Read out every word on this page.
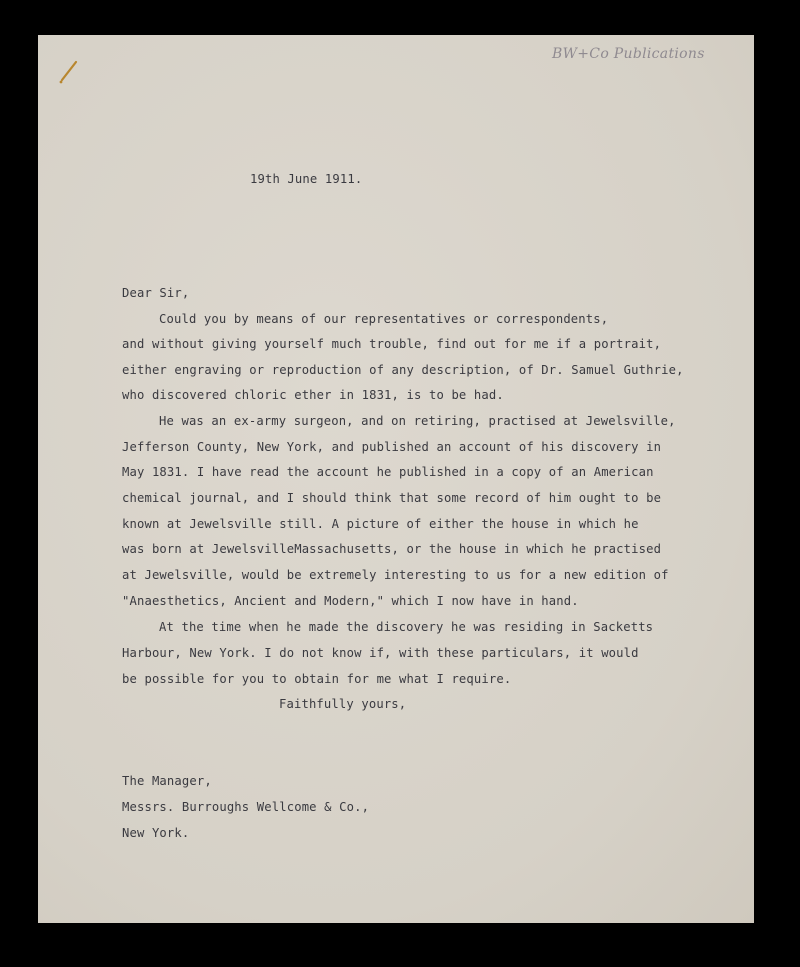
BW+Co Publications
19th June 1911.
Dear Sir,
Could you by means of our representatives or correspondents,
and without giving yourself much trouble, find out for me if a portrait,
either engraving or reproduction of any description, of Dr. Samuel Guthrie,
who discovered chloric ether in 1831, is to be had.
He was an ex-army surgeon, and on retiring, practised at Jewelsville,
Jefferson County, New York, and published an account of his discovery in
May 1831. I have read the account he published in a copy of an American
chemical journal, and I should think that some record of him ought to be
known at Jewelsville still. A picture of either the house in which he
was born at JewelsvilleMassachusetts, or the house in which he practised
at Jewelsville, would be extremely interesting to us for a new edition of
"Anaesthetics, Ancient and Modern," which I now have in hand.
At the time when he made the discovery he was residing in Sacketts
Harbour, New York. I do not know if, with these particulars, it would
be possible for you to obtain for me what I require.
Faithfully yours,
The Manager,
Messrs. Burroughs Wellcome & Co.,
New York.
